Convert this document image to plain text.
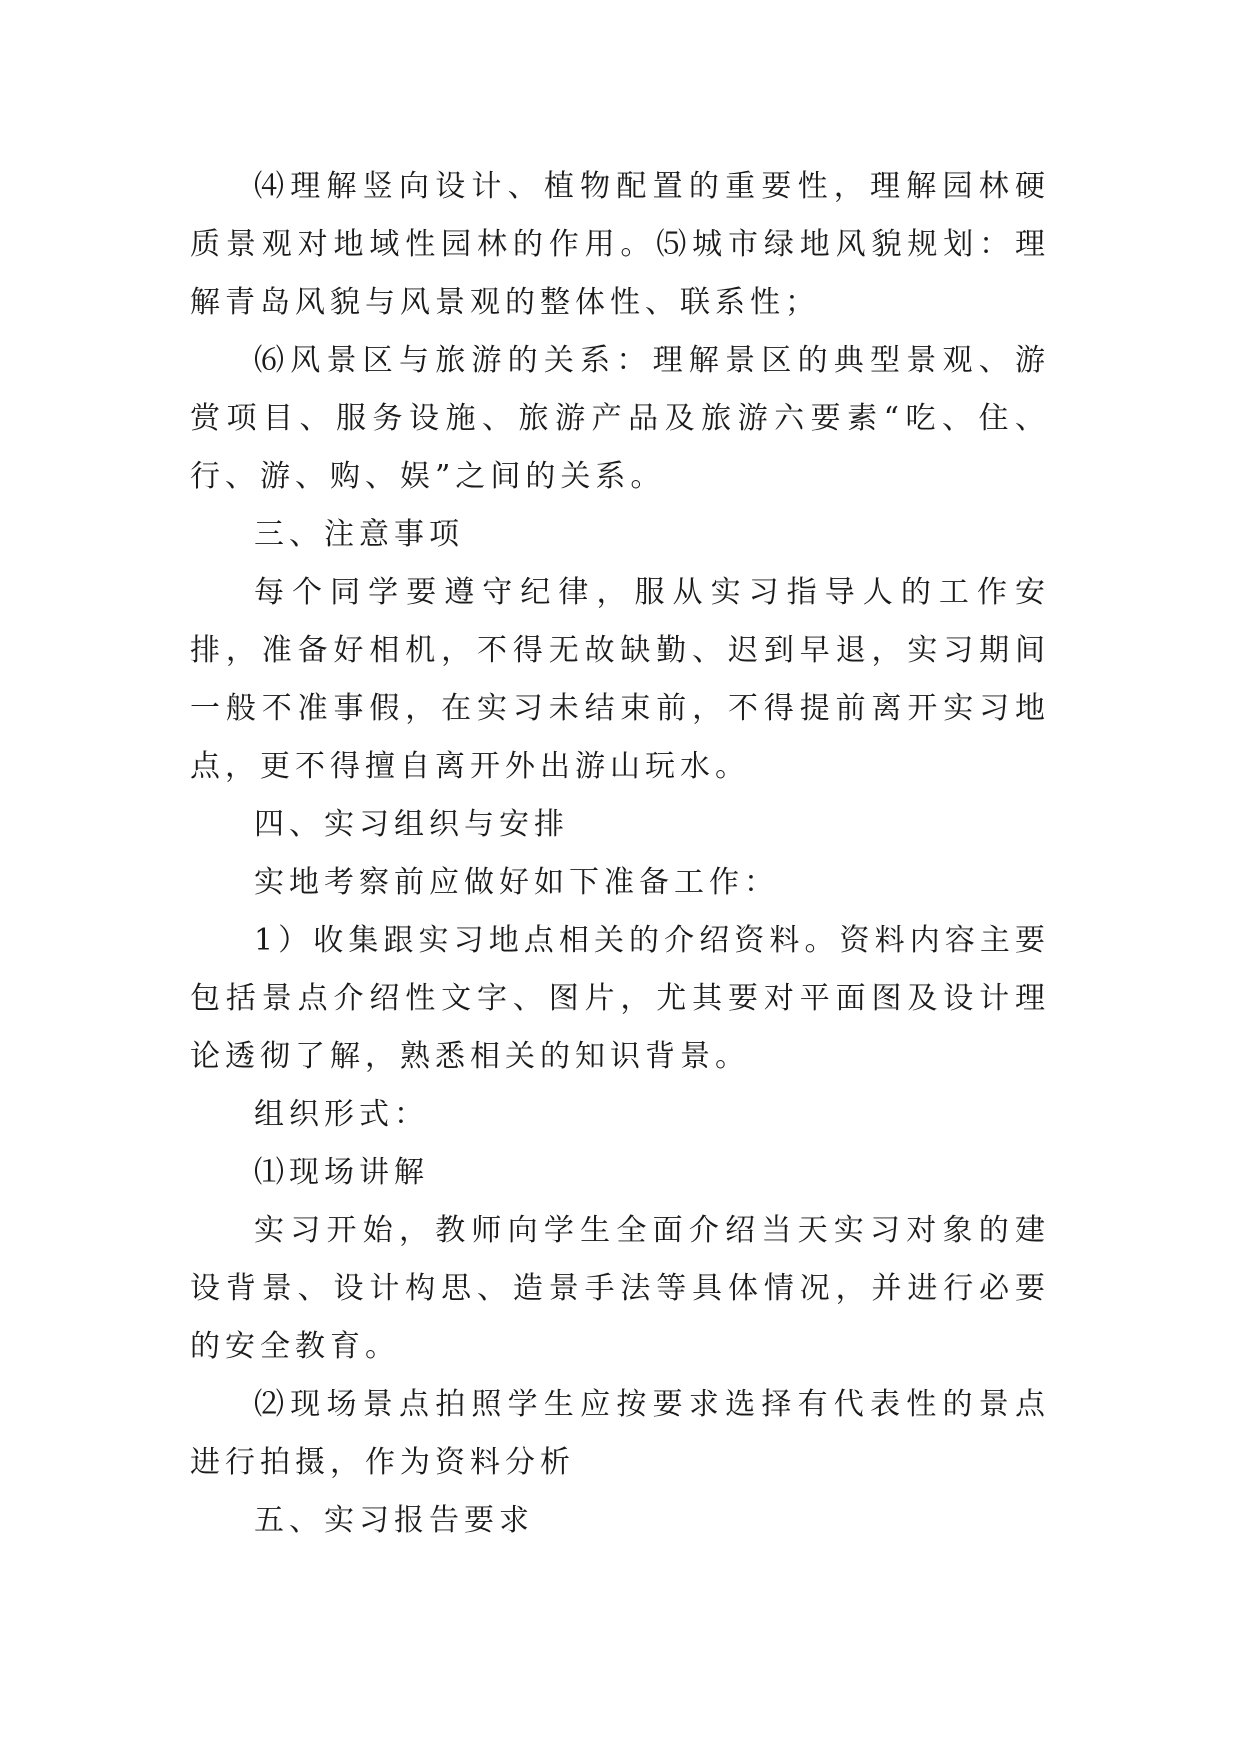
⑷理解竖向设计、植物配置的重要性，理解园林硬质景观对地域性园林的作用。⑸城市绿地风貌规划：理解青岛风貌与风景观的整体性、联系性；

⑹风景区与旅游的关系：理解景区的典型景观、游赏项目、服务设施、旅游产品及旅游六要素“吃、住、行、游、购、娱”之间的关系。

三、注意事项

每个同学要遵守纪律，服从实习指导人的工作安排，准备好相机，不得无故缺勤、迟到早退，实习期间一般不准事假，在实习未结束前，不得提前离开实习地点，更不得擅自离开外出游山玩水。

四、实习组织与安排

实地考察前应做好如下准备工作：

1）收集跟实习地点相关的介绍资料。资料内容主要包括景点介绍性文字、图片，尤其要对平面图及设计理论透彻了解，熟悉相关的知识背景。

组织形式：

⑴现场讲解

实习开始，教师向学生全面介绍当天实习对象的建设背景、设计构思、造景手法等具体情况，并进行必要的安全教育。

⑵现场景点拍照学生应按要求选择有代表性的景点进行拍摄，作为资料分析

五、实习报告要求
